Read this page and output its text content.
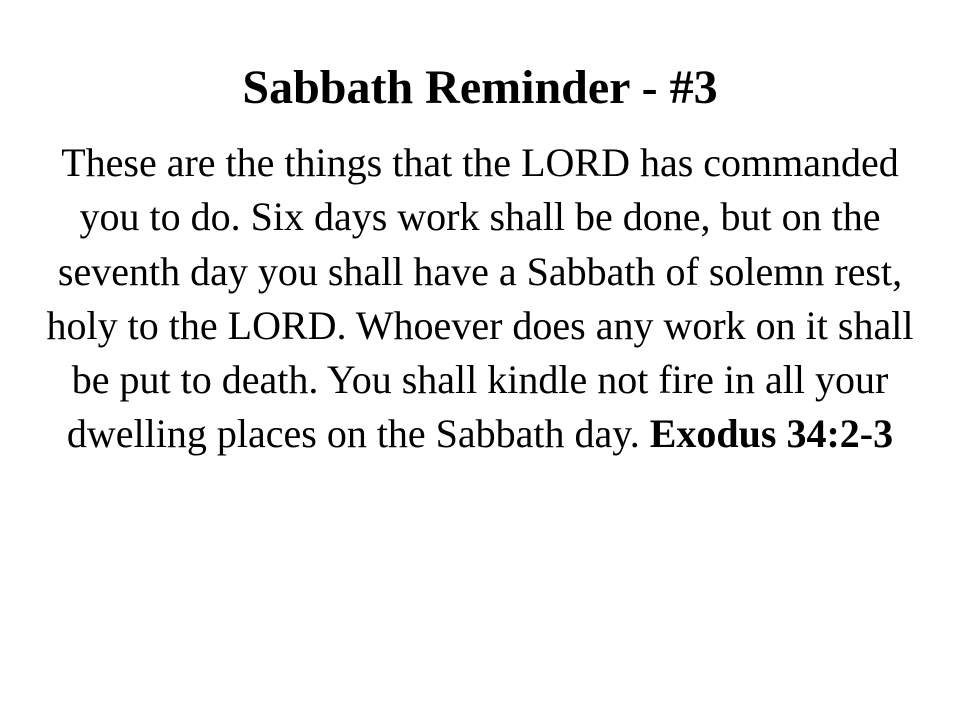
Sabbath Reminder - #3

These are the things that the LORD has commanded you to do. Six days work shall be done, but on the seventh day you shall have a Sabbath of solemn rest, holy to the LORD. Whoever does any work on it shall be put to death. You shall kindle not fire in all your dwelling places on the Sabbath day. Exodus 34:2-3
